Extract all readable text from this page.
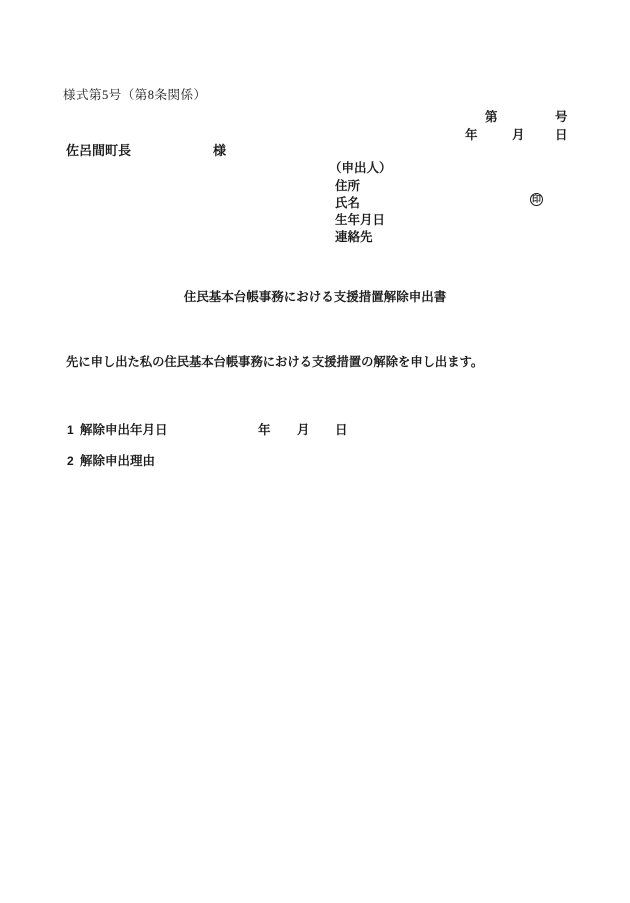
様式第5号（第8条関係）
第	号
年	月 日
佐呂間町長	様
（申出人）
住所
氏名
生年月日
連絡先
印
住民基本台帳事務における支援措置解除申出書
先に申し出た私の住民基本台帳事務における支援措置の解除を申し出ます。
1 解除申出年月日	年 月 日
2 解除申出理由
